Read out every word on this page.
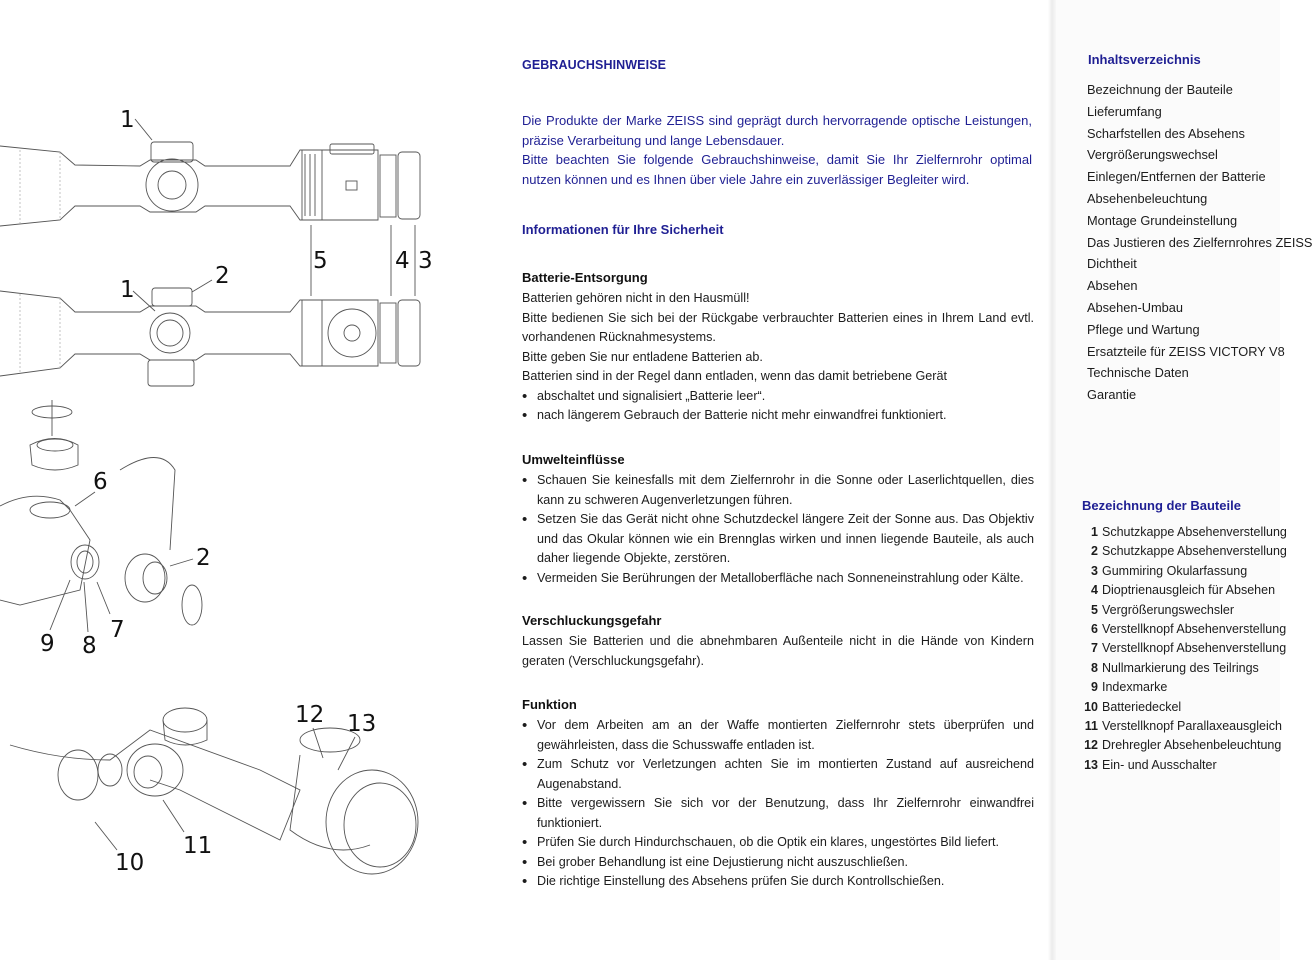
1
5	4 3
1
2
6
2
9 8
7
12 13
11
10
GEBRAUCHSHINWEISE

Die Produkte der Marke ZEISS sind geprägt durch hervorragende optische Leistungen, präzise Verarbeitung und lange Lebensdauer.

Bitte beachten Sie folgende Gebrauchshinweise, damit Sie Ihr Zielfernrohr optimal nutzen können und es Ihnen über viele Jahre ein zuverlässiger Begleiter wird.

Informationen für Ihre Sicherheit
Batterie-Entsorgung

Batterien gehören nicht in den Hausmüll!

Bitte bedienen Sie sich bei der Rückgabe verbrauchter Batterien eines in Ihrem Land evtl. vorhandenen Rücknahmesystems.

Bitte geben Sie nur entladene Batterien ab.

Batterien sind in der Regel dann entladen, wenn das damit betriebene Gerät

• abschaltet und signalisiert „Batterie leer“.
• nach längerem Gebrauch der Batterie nicht mehr einwandfrei funktioniert.
Umwelteinflüsse
• Schauen Sie keinesfalls mit dem Zielfernrohr in die Sonne oder Laserlichtquellen, dies kann zu schweren Augenverletzungen führen.
• Setzen Sie das Gerät nicht ohne Schutzdeckel längere Zeit der Sonne aus. Das Objektiv und das Okular können wie ein Brennglas wirken und innen liegende Bauteile, als auch daher liegende Objekte, zerstören.
• Vermeiden Sie Berührungen der Metalloberfläche nach Sonneneinstrahlung oder Kälte.
Verschluckungsgefahr

Lassen Sie Batterien und die abnehmbaren Außenteile nicht in die Hände von Kindern geraten (Verschluckungsgefahr).

Funktion
• Vor dem Arbeiten am an der Waffe montierten Zielfernrohr stets überprüfen und gewährleisten, dass die Schusswaffe entladen ist.
• Zum Schutz vor Verletzungen achten Sie im montierten Zustand auf ausreichend Augenabstand.
• Bitte vergewissern Sie sich vor der Benutzung, dass Ihr Zielfernrohr einwandfrei funktioniert.
• Prüfen Sie durch Hindurchschauen, ob die Optik ein klares, ungestörtes Bild liefert.
• Bei grober Behandlung ist eine Dejustierung nicht auszuschließen.
• Die richtige Einstellung des Absehens prüfen Sie durch Kontrollschießen.
Inhaltsverzeichnis
Bezeichnung der Bauteile
Lieferumfang
Scharfstellen des Absehens
Vergrößerungswechsel
Einlegen/Entfernen der Batterie
Absehenbeleuchtung
Montage Grundeinstellung
Das Justieren des Zielfernrohres ZEISS
Dichtheit
Absehen
Absehen-Umbau
Pflege und Wartung
Ersatzteile für ZEISS VICTORY V8
Technische Daten
Garantie
Bezeichnung der Bauteile
1 Schutzkappe Absehenverstellung
2 Schutzkappe Absehenverstellung
3 Gummiring Okularfassung
4 Dioptrienausgleich für Absehen
5 Vergrößerungswechsler
6 Verstellknopf Absehenverstellung
7 Verstellknopf Absehenverstellung
8 Nullmarkierung des Teilrings
9 Indexmarke
10 Batteriedeckel
11 Verstellknopf Parallaxeausgleich
12 Drehregler Absehenbeleuchtung
13 Ein- und Ausschalter
